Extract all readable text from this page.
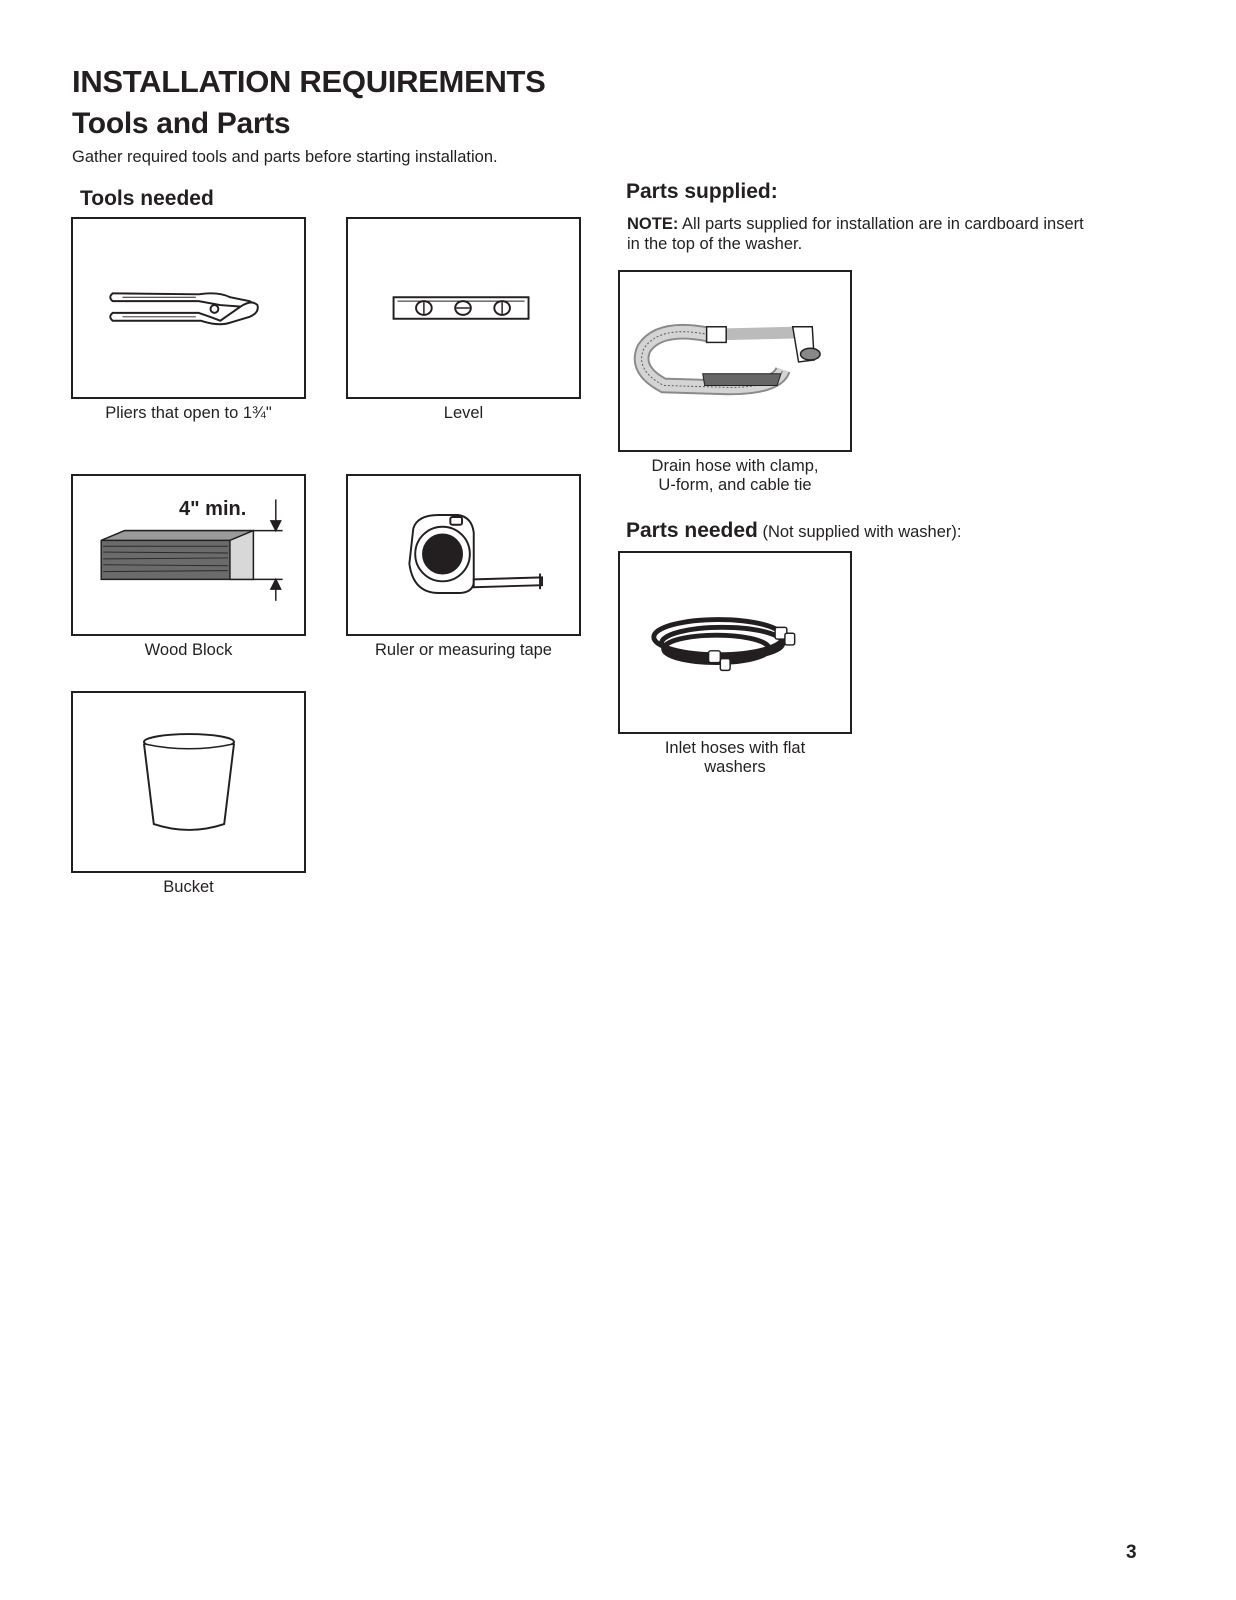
INSTALLATION REQUIREMENTS
Tools and Parts
Gather required tools and parts before starting installation.
Tools needed
Pliers that open to 1¾"	Level
4" min.
Wood Block	Ruler or measuring tape
Bucket
Parts supplied:
NOTE: All parts supplied for installation are in cardboard insert in the top of the washer.
Drain hose with clamp,
U-form, and cable tie
Parts needed (Not supplied with washer):
Inlet hoses with flat
washers
3
